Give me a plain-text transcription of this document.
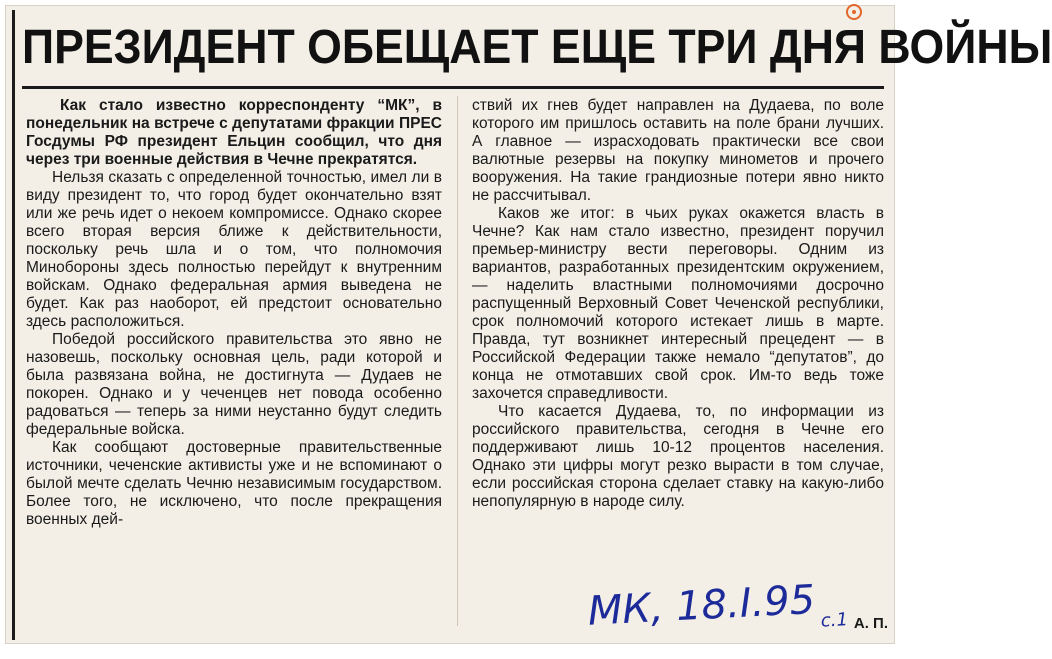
ПРЕЗИДЕНТ ОБЕЩАЕТ ЕЩЕ ТРИ ДНЯ ВОЙНЫ

Как стало известно корреспонденту “МК”, в понедельник на встрече с депутатами фракции ПРЕС Госдумы РФ президент Ельцин сообщил, что дня через три военные действия в Чечне прекратятся.

Нельзя сказать с определенной точностью, имел ли в виду президент то, что город будет окончательно взят или же речь идет о некоем компромиссе. Однако скорее всего вторая версия ближе к действительности, поскольку речь шла и о том, что полномочия Минобороны здесь полностью перейдут к внутренним войскам. Однако федеральная армия выведена не будет. Как раз наоборот, ей предстоит основательно здесь расположиться.

Победой российского правительства это явно не назовешь, поскольку основная цель, ради которой и была развязана война, не достигнута — Дудаев не покорен. Однако и у чеченцев нет повода особенно радоваться — теперь за ними неустанно будут следить федеральные войска.

Как сообщают достоверные правительственные источники, чеченские активисты уже и не вспоминают о былой мечте сделать Чечню независимым государством. Более того, не исключено, что после прекращения военных дей-

ствий их гнев будет направлен на Дудаева, по воле которого им пришлось оставить на поле брани лучших. А главное — израсходовать практически все свои валютные резервы на покупку минометов и прочего вооружения. На такие грандиозные потери явно никто не рассчитывал.

Каков же итог: в чьих руках окажется власть в Чечне? Как нам стало известно, президент поручил премьер-министру вести переговоры. Одним из вариантов, разработанных президентским окружением, — наделить властными полномочиями досрочно распущенный Верховный Совет Чеченской республики, срок полномочий которого истекает лишь в марте. Правда, тут возникнет интересный прецедент — в Российской Федерации также немало “депутатов”, до конца не отмотавших свой срок. Им-то ведь тоже захочется справедливости.

Что касается Дудаева, то, по информации из российского правительства, сегодня в Чечне его поддерживают лишь 10-12 процентов населения. Однако эти цифры могут резко вырасти в том случае, если российская сторона сделает ставку на какую-либо непопулярную в народе силу.

МК, 18.I.95 $_{с.1}$ А. П.
